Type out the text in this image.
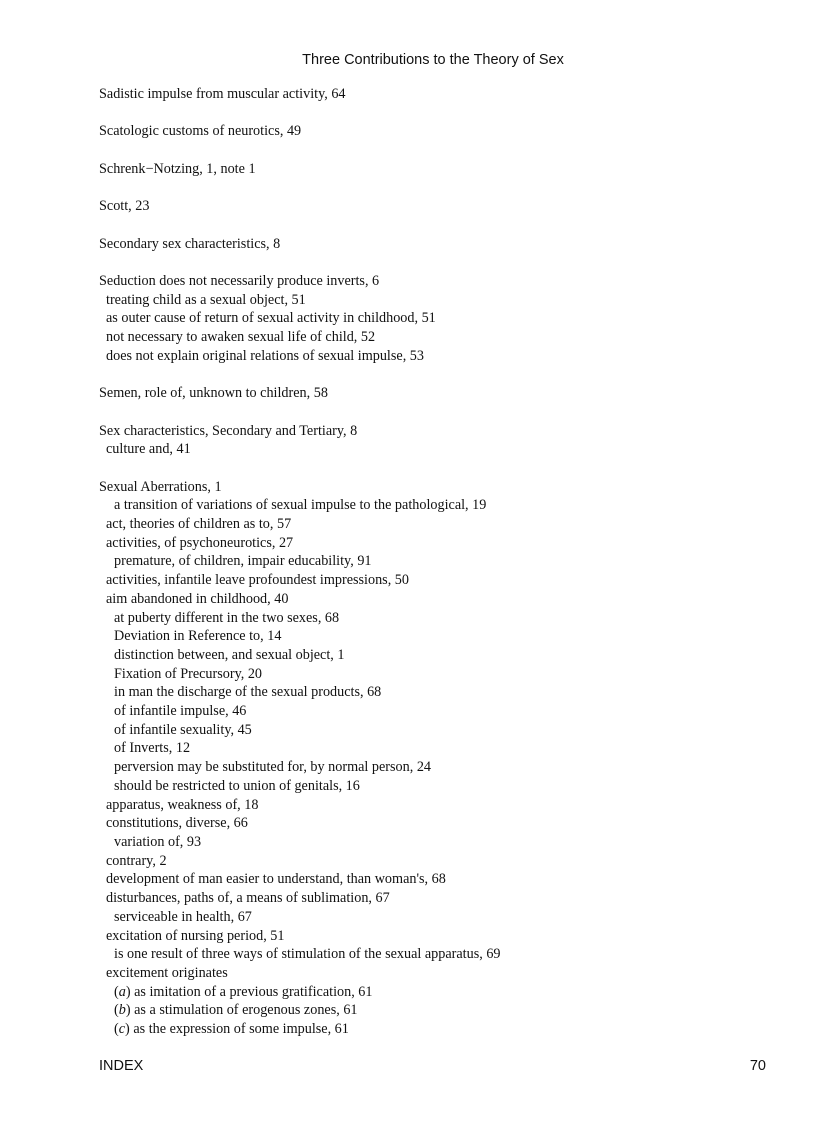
Three Contributions to the Theory of Sex
Sadistic impulse from muscular activity, 64
Scatologic customs of neurotics, 49
Schrenk−Notzing, 1, note 1
Scott, 23
Secondary sex characteristics, 8
Seduction does not necessarily produce inverts, 6
treating child as a sexual object, 51
as outer cause of return of sexual activity in childhood, 51
not necessary to awaken sexual life of child, 52
does not explain original relations of sexual impulse, 53
Semen, role of, unknown to children, 58
Sex characteristics, Secondary and Tertiary, 8
culture and, 41
Sexual Aberrations, 1
a transition of variations of sexual impulse to the pathological, 19
act, theories of children as to, 57
activities, of psychoneurotics, 27
premature, of children, impair educability, 91
activities, infantile leave profoundest impressions, 50
aim abandoned in childhood, 40
at puberty different in the two sexes, 68
Deviation in Reference to, 14
distinction between, and sexual object, 1
Fixation of Precursory, 20
in man the discharge of the sexual products, 68
of infantile impulse, 46
of infantile sexuality, 45
of Inverts, 12
perversion may be substituted for, by normal person, 24
should be restricted to union of genitals, 16
apparatus, weakness of, 18
constitutions, diverse, 66
variation of, 93
contrary, 2
development of man easier to understand, than woman's, 68
disturbances, paths of, a means of sublimation, 67
serviceable in health, 67
excitation of nursing period, 51
is one result of three ways of stimulation of the sexual apparatus, 69
excitement originates
(a) as imitation of a previous gratification, 61
(b) as a stimulation of erogenous zones, 61
(c) as the expression of some impulse, 61
INDEX	70
